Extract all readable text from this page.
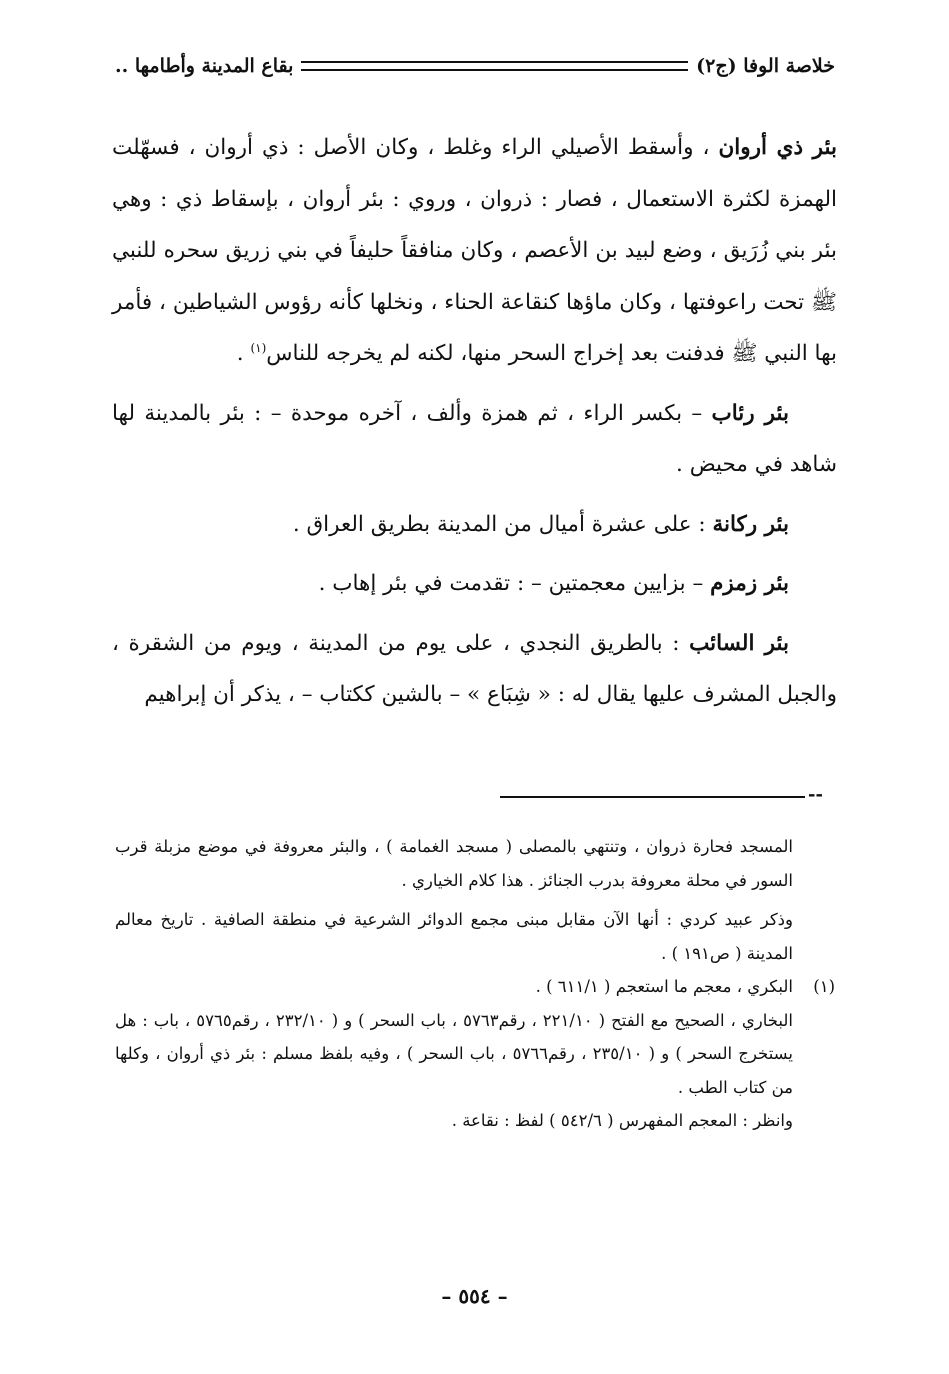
خلاصة الوفا (ج٢)
بقاع المدينة وأطامها ..

بئر ذي أروان ، وأسقط الأصيلي الراء وغلط ، وكان الأصل : ذي أروان ، فسهّلت الهمزة لكثرة الاستعمال ، فصار : ذروان ، وروي : بئر أروان ، بإسقاط ذي : وهي بئر بني زُرَيق ، وضع لبيد بن الأعصم ، وكان منافقاً حليفاً في بني زريق سحره للنبي ﷺ تحت راعوفتها ، وكان ماؤها كنقاعة الحناء ، ونخلها كأنه رؤوس الشياطين ، فأمر بها النبي ﷺ فدفنت بعد إخراج السحر منها، لكنه لم يخرجه للناس$^{(١)}$ .

بئر رئاب – بكسر الراء ، ثم همزة وألف ، آخره موحدة – : بئر بالمدينة لها شاهد في محيض .

بئر ركانة : على عشرة أميال من المدينة بطريق العراق .

بئر زمزم – بزايين معجمتين – : تقدمت في بئر إهاب .

بئر السائب : بالطريق النجدي ، على يوم من المدينة ، ويوم من الشقرة ، والجبل المشرف عليها يقال له : « شِبَاع » – بالشين ككتاب – ، يذكر أن إبراهيم

--

المسجد فحارة ذروان ، وتنتهي بالمصلى ( مسجد الغمامة ) ، والبئر معروفة في موضع مزبلة قرب السور في محلة معروفة بدرب الجنائز . هذا كلام الخياري .

وذكر عبيد كردي : أنها الآن مقابل مبنى مجمع الدوائر الشرعية في منطقة الصافية . تاريخ معالم المدينة ( ص١٩١ ) .

(١)البكري ، معجم ما استعجم ( ٦١١/١ ) .

البخاري ، الصحيح مع الفتح ( ٢٢١/١٠ ، رقم٥٧٦٣ ، باب السحر ) و ( ٢٣٢/١٠ ، رقم٥٧٦٥ ، باب : هل يستخرج السحر ) و ( ٢٣٥/١٠ ، رقم٥٧٦٦ ، باب السحر ) ، وفيه بلفظ مسلم : بئر ذي أروان ، وكلها من كتاب الطب .

وانظر : المعجم المفهرس ( ٥٤٢/٦ ) لفظ : نقاعة .

– ٥٥٤ –
